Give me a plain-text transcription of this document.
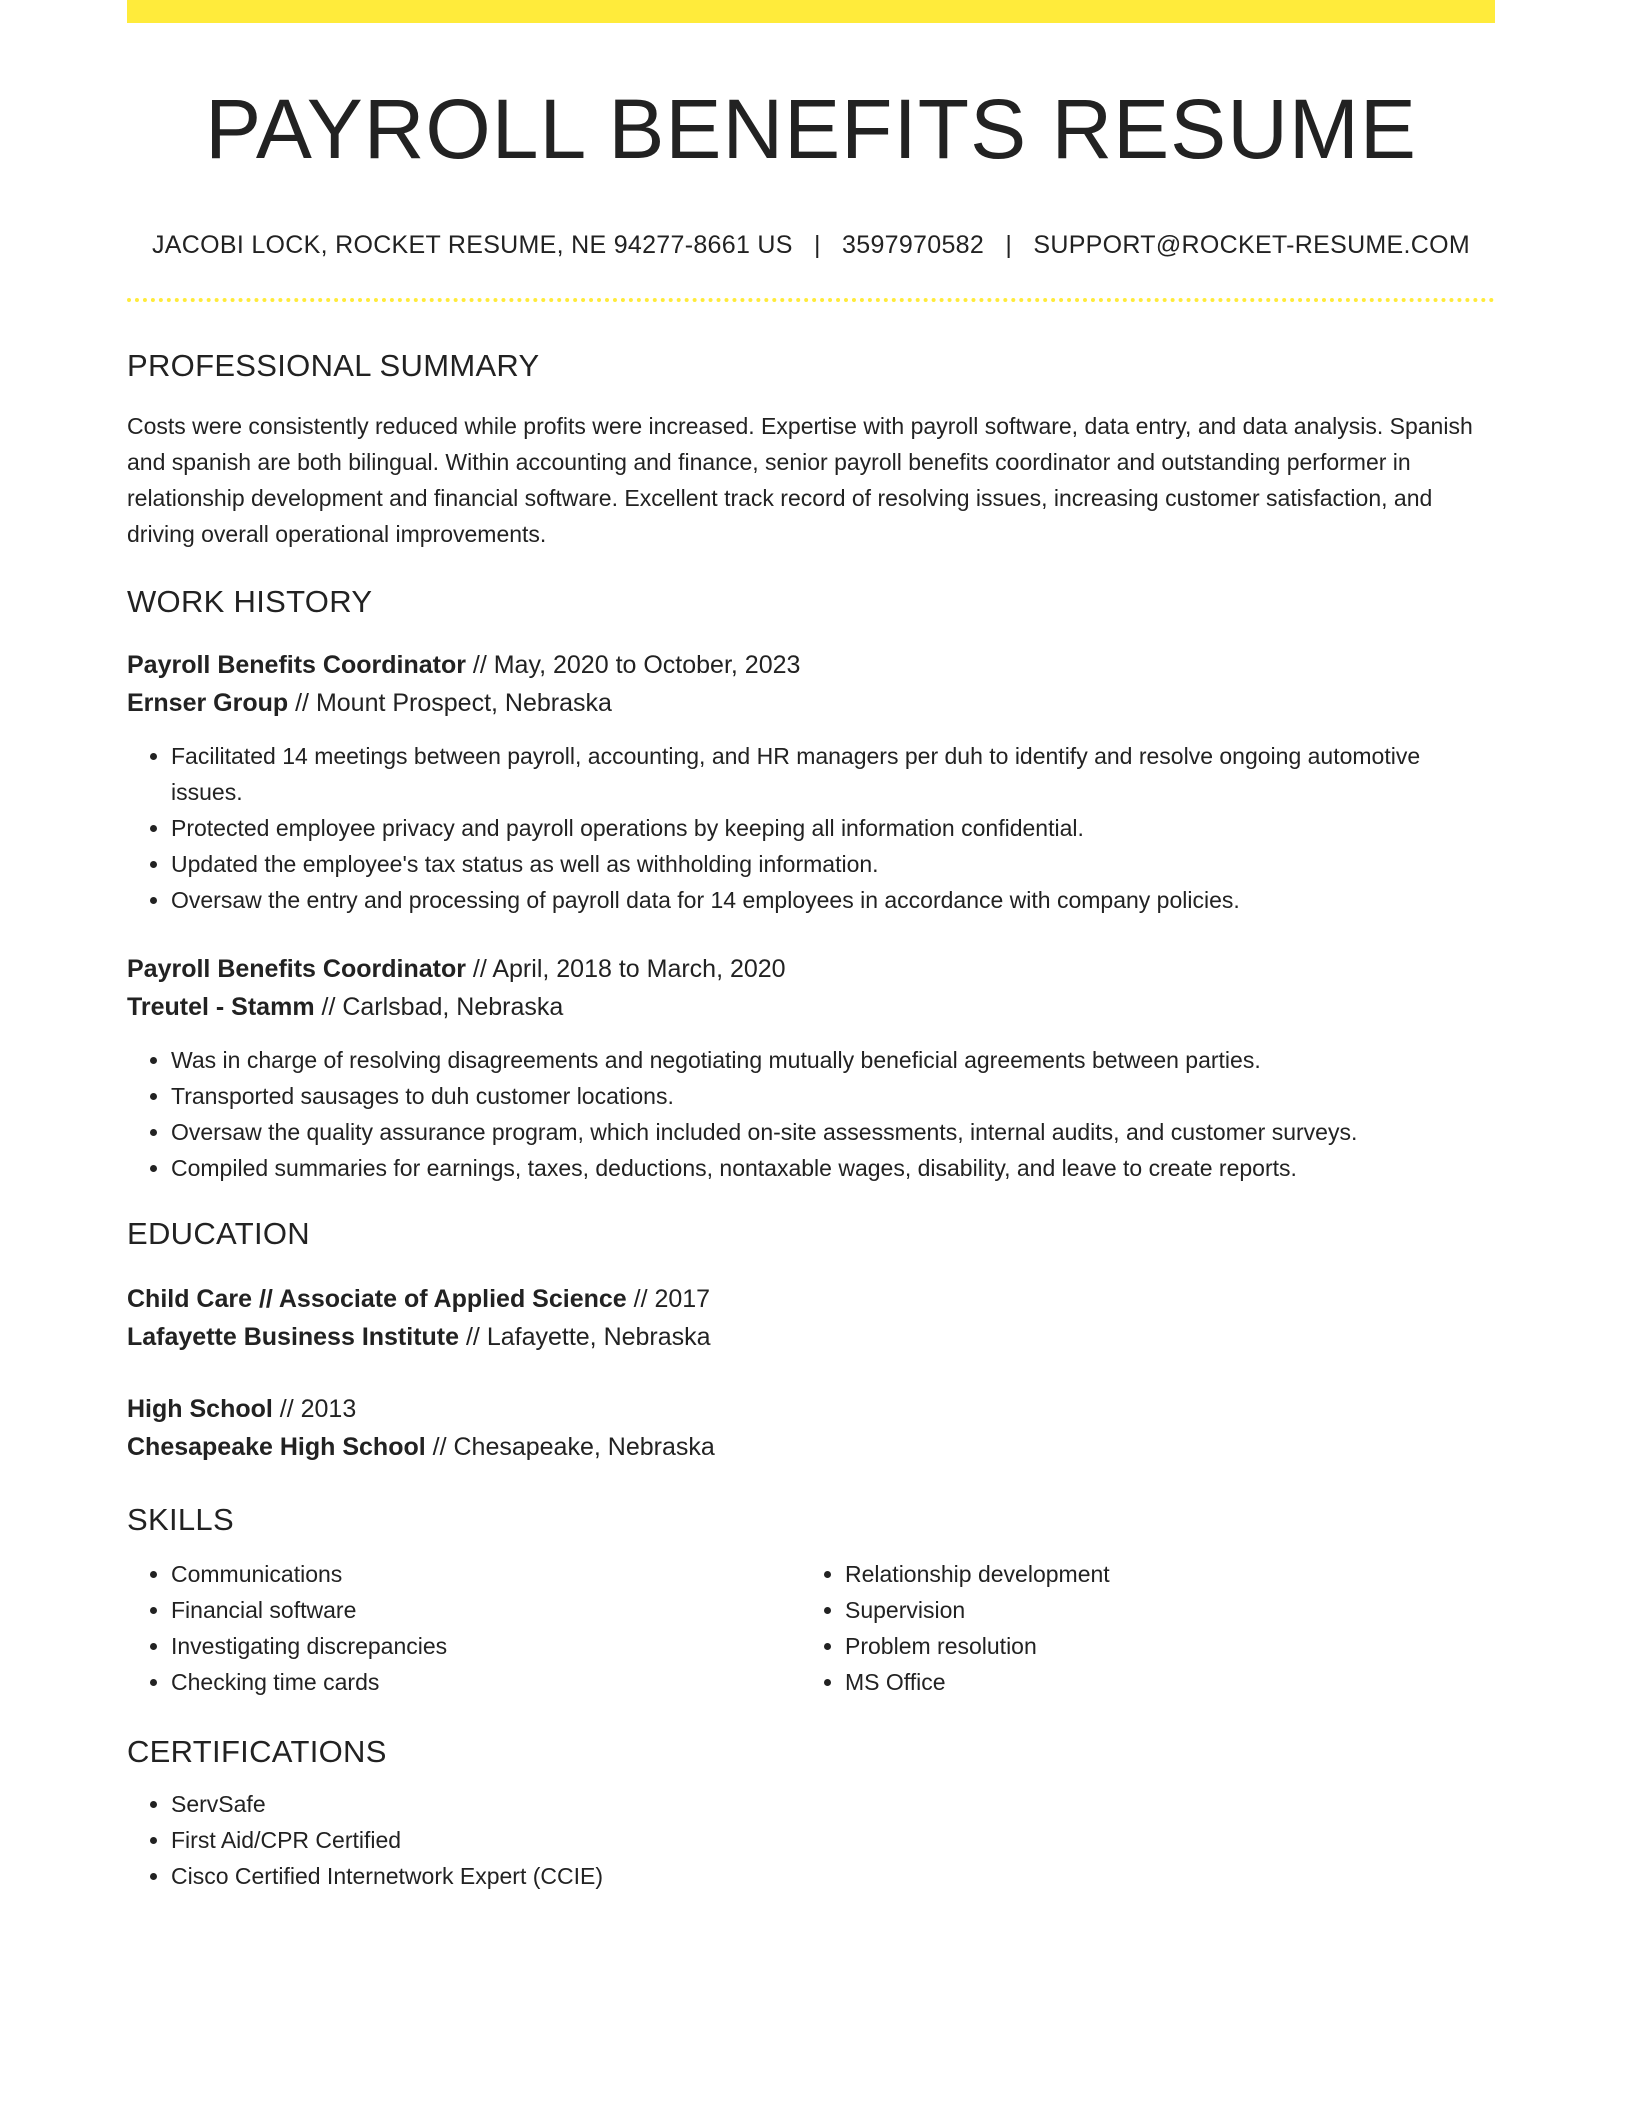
PAYROLL BENEFITS RESUME
JACOBI LOCK, ROCKET RESUME, NE 94277-8661 US | 3597970582 | SUPPORT@ROCKET-RESUME.COM
PROFESSIONAL SUMMARY
Costs were consistently reduced while profits were increased. Expertise with payroll software, data entry, and data analysis. Spanish and spanish are both bilingual. Within accounting and finance, senior payroll benefits coordinator and outstanding performer in relationship development and financial software. Excellent track record of resolving issues, increasing customer satisfaction, and driving overall operational improvements.
WORK HISTORY
Payroll Benefits Coordinator // May, 2020 to October, 2023
Ernser Group // Mount Prospect, Nebraska
• Facilitated 14 meetings between payroll, accounting, and HR managers per duh to identify and resolve ongoing automotive issues.
• Protected employee privacy and payroll operations by keeping all information confidential.
• Updated the employee's tax status as well as withholding information.
• Oversaw the entry and processing of payroll data for 14 employees in accordance with company policies.
Payroll Benefits Coordinator // April, 2018 to March, 2020
Treutel - Stamm // Carlsbad, Nebraska
• Was in charge of resolving disagreements and negotiating mutually beneficial agreements between parties.
• Transported sausages to duh customer locations.
• Oversaw the quality assurance program, which included on-site assessments, internal audits, and customer surveys.
• Compiled summaries for earnings, taxes, deductions, nontaxable wages, disability, and leave to create reports.
EDUCATION
Child Care // Associate of Applied Science // 2017
Lafayette Business Institute // Lafayette, Nebraska
High School // 2013
Chesapeake High School // Chesapeake, Nebraska
SKILLS
• Communications
• Financial software
• Investigating discrepancies
• Checking time cards
• Relationship development
• Supervision
• Problem resolution
• MS Office
CERTIFICATIONS
• ServSafe
• First Aid/CPR Certified
• Cisco Certified Internetwork Expert (CCIE)
